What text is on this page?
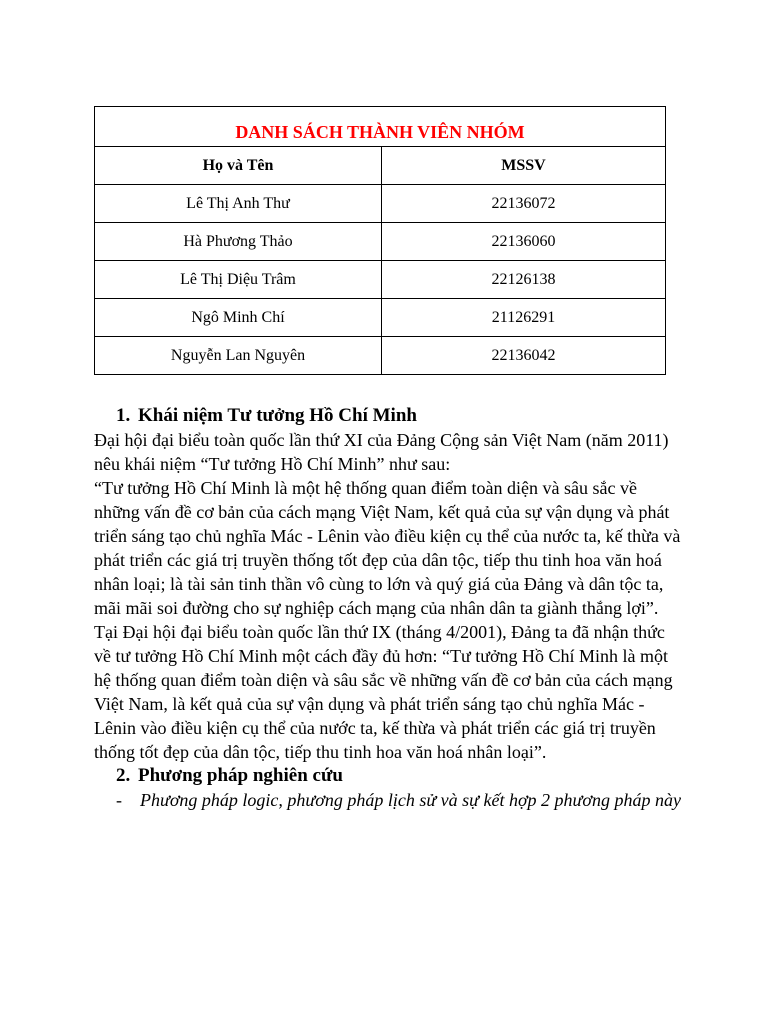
DANH SÁCH THÀNH VIÊN NHÓM	
Họ và Tên	MSSV
Lê Thị Anh Thư	22136072
Hà Phương Thảo	22136060
Lê Thị Diệu Trâm	22126138
Ngô Minh Chí	21126291
Nguyễn Lan Nguyên	22136042

1. Khái niệm Tư tưởng Hồ Chí Minh

Đại hội đại biểu toàn quốc lần thứ XI của Đảng Cộng sản Việt Nam (năm 2011) nêu khái niệm “Tư tưởng Hồ Chí Minh” như sau:

“Tư tưởng Hồ Chí Minh là một hệ thống quan điểm toàn diện và sâu sắc về những vấn đề cơ bản của cách mạng Việt Nam, kết quả của sự vận dụng và phát triển sáng tạo chủ nghĩa Mác - Lênin vào điều kiện cụ thể của nước ta, kế thừa và phát triển các giá trị truyền thống tốt đẹp của dân tộc, tiếp thu tinh hoa văn hoá nhân loại; là tài sản tinh thần vô cùng to lớn và quý giá của Đảng và dân tộc ta, mãi mãi soi đường cho sự nghiệp cách mạng của nhân dân ta giành thắng lợi”.

Tại Đại hội đại biểu toàn quốc lần thứ IX (tháng 4/2001), Đảng ta đã nhận thức về tư tưởng Hồ Chí Minh một cách đầy đủ hơn: “Tư tưởng Hồ Chí Minh là một hệ thống quan điểm toàn diện và sâu sắc về những vấn đề cơ bản của cách mạng Việt Nam, là kết quả của sự vận dụng và phát triển sáng tạo chủ nghĩa Mác - Lênin vào điều kiện cụ thể của nước ta, kế thừa và phát triển các giá trị truyền thống tốt đẹp của dân tộc, tiếp thu tinh hoa văn hoá nhân loại”.

2. Phương pháp nghiên cứu

-	Phương pháp logic, phương pháp lịch sử và sự kết hợp 2 phương pháp này
